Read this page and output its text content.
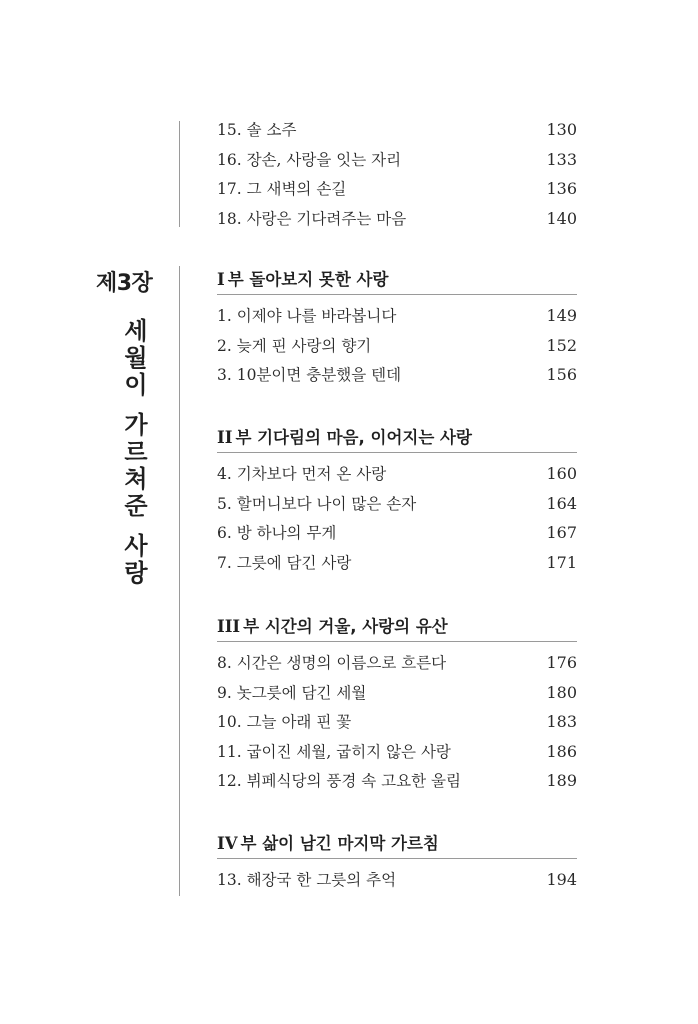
제3장
세
월
이
가
르
쳐
준
사
랑
15. 솔 소주	130
16. 장손, 사랑을 잇는 자리	133
17. 그 새벽의 손길	136
18. 사랑은 기다려주는 마음	140
I 부 돌아보지 못한 사랑
1. 이제야 나를 바라봅니다	149
2. 늦게 핀 사랑의 향기	152
3. 10분이면 충분했을 텐데	156
II 부 기다림의 마음, 이어지는 사랑
4. 기차보다 먼저 온 사랑	160
5. 할머니보다 나이 많은 손자	164
6. 방 하나의 무게	167
7. 그릇에 담긴 사랑	171
III 부 시간의 거울, 사랑의 유산
8. 시간은 생명의 이름으로 흐른다	176
9. 놋그릇에 담긴 세월	180
10. 그늘 아래 핀 꽃	183
11. 굽이진 세월, 굽히지 않은 사랑	186
12. 뷔페식당의 풍경 속 고요한 울림	189
IV 부 삶이 남긴 마지막 가르침
13. 해장국 한 그릇의 추억	194
